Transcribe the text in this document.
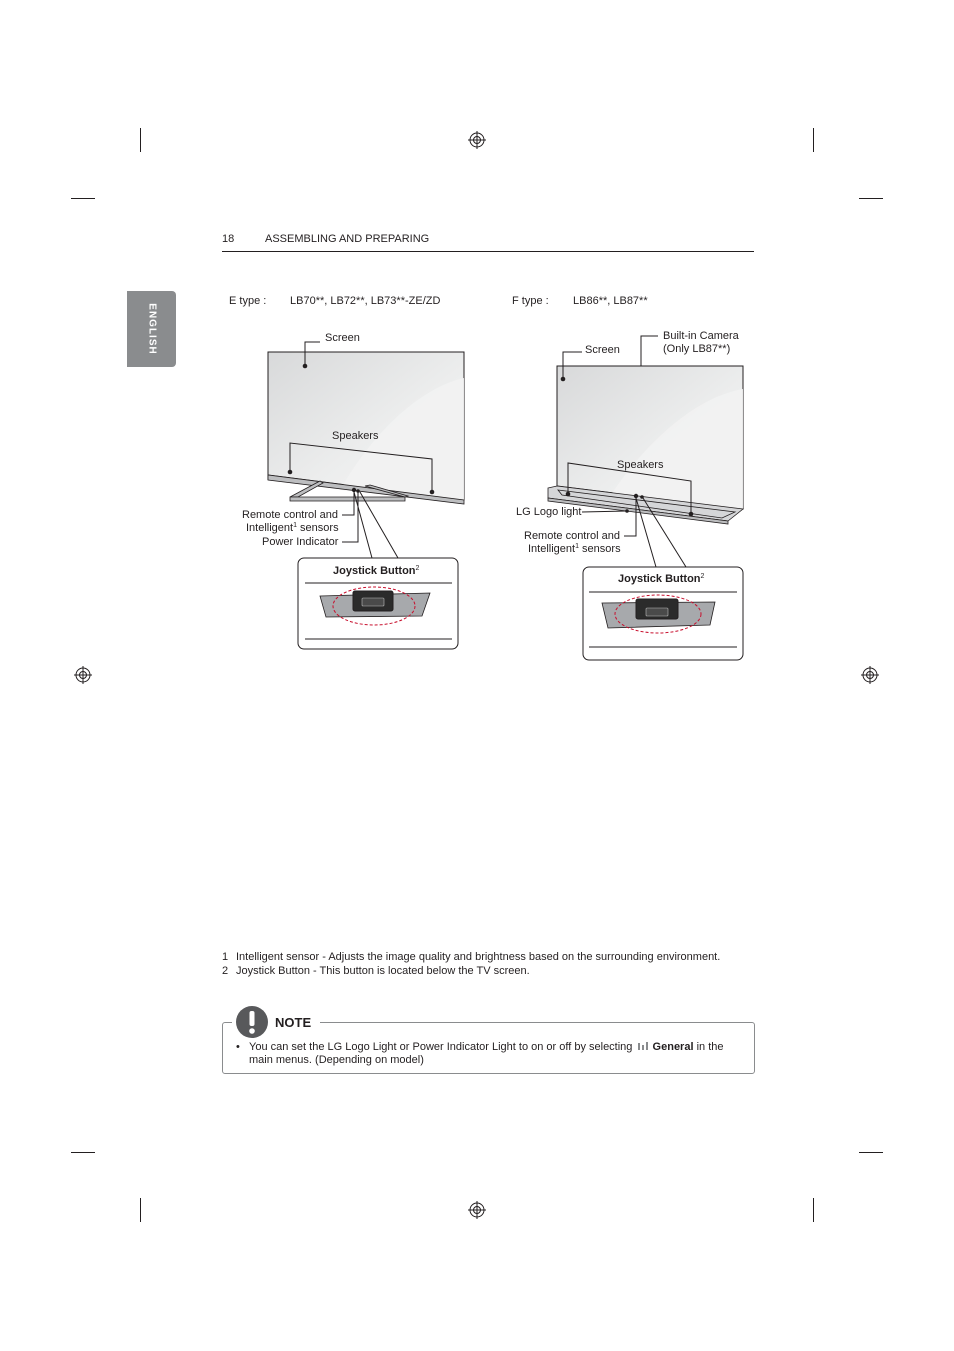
18	ASSEMBLING AND PREPARING
ENGLISH
E type : LB70**, LB72**, LB73**-ZE/ZD
Screen
Speakers
Remote control and
Intelligent$^1$ sensors
Power Indicator
Joystick Button$^2$
F type : LB86**, LB87**
Screen
Built-in Camera
(Only LB87**)
Speakers
LG Logo light
Remote control and
Intelligent$^1$ sensors
Joystick Button$^2$
1 Intelligent sensor - Adjusts the image quality and brightness based on the surrounding environment.
2 Joystick Button - This button is located below the TV screen.
NOTE
• You can set the LG Logo Light or Power Indicator Light to on or off by selecting General in the
main menus. (Depending on model)
